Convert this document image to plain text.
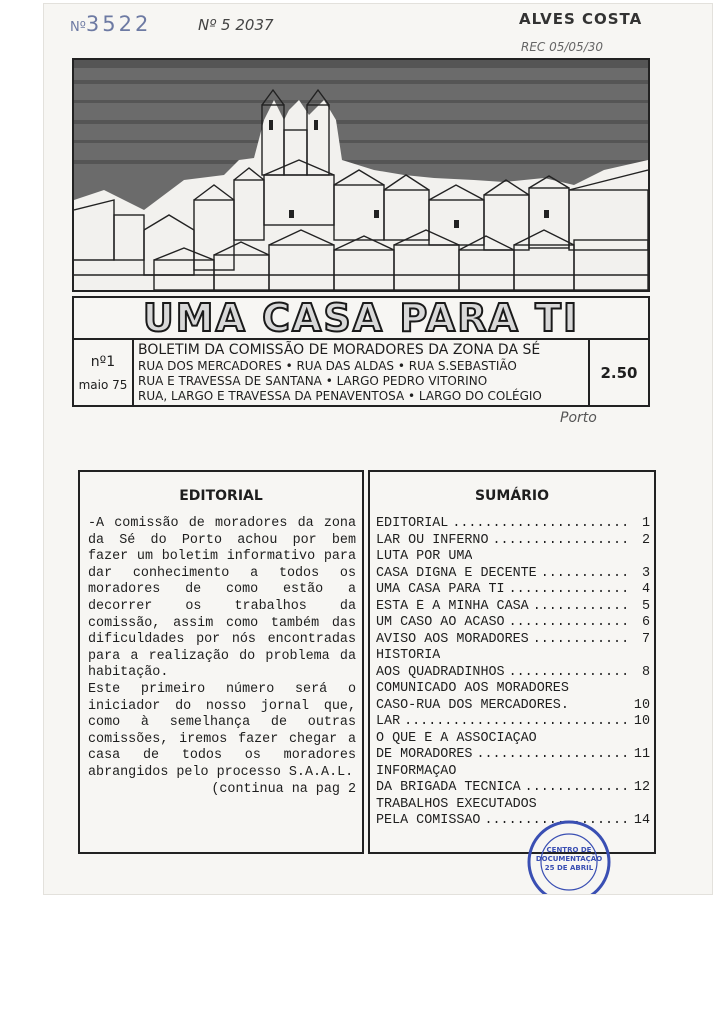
Nº3522	Nº 5 2037	ALVES COSTA
REC 05/05/30
UMA CASA PARA TI
nº1
maio 75
BOLETIM DA COMISSÃO DE MORADORES DA ZONA DA SÉ
RUA DOS MERCADORES • RUA DAS ALDAS • RUA S.SEBASTIÃO
RUA E TRAVESSA DE SANTANA • LARGO PEDRO VITORINO
RUA, LARGO E TRAVESSA DA PENAVENTOSA • LARGO DO COLÉGIO
2.50
Porto
EDITORIAL
-A comissão de moradores da zona da Sé do Porto achou por bem fazer um boletim informativo para dar conhecimento a todos os moradores de como estão a decorrer os trabalhos da comissão, assim como também das dificuldades por nós encontradas para a realização do problema da habitação.
Este primeiro número será o iniciador do nosso jornal que, como à semelhança de outras comissões, iremos fazer chegar a casa de todos os moradores abrangidos pelo processo S.A.A.L.
(continua na pag 2
SUMÁRIO
EDITORIAL .....	1
LAR OU INFERNO .....	2
LUTA POR UMA
CASA DIGNA E DECENTE .....	3
UMA CASA PARA TI .....	4
ESTA É A MINHA CASA .....	5
UM CASO AO ACASO .....	6
AVISO AOS MORADORES .....	7
HISTÓRIA
AOS QUADRADINHOS .....	8
COMUNICADO AOS MORADORES
CASO-RUA DOS MERCADORES.	10
LAR .....	10
O QUE É A ASSOCIAÇÃO
DE MORADORES .....	11
INFORMAÇÃO
DA BRIGADA TECNICA .....	12
TRABALHOS EXECUTADOS
PELA COMISSÃO .....	14
CENTRO DE
DOCUMENTAÇÃO
25 DE ABRIL
